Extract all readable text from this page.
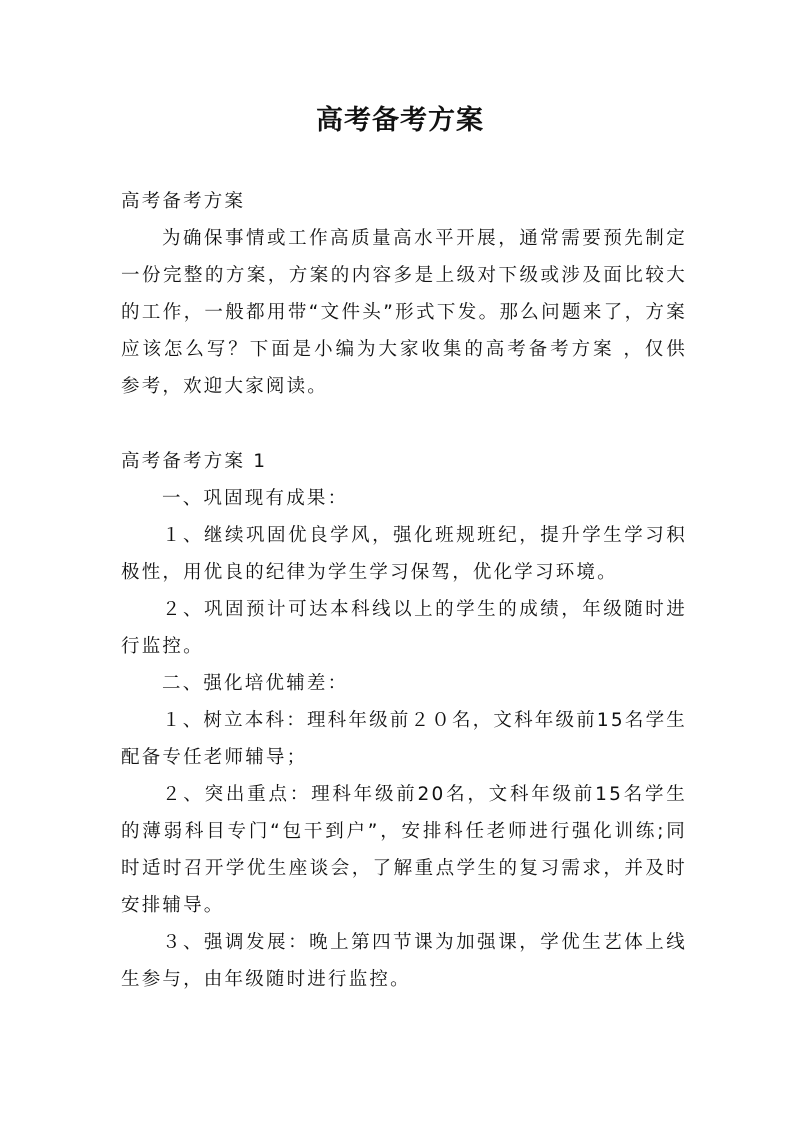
高考备考方案

高考备考方案

为确保事情或工作高质量高水平开展，通常需要预先制定一份完整的方案，方案的内容多是上级对下级或涉及面比较大的工作，一般都用带“文件头”形式下发。那么问题来了，方案应该怎么写？下面是小编为大家收集的高考备考方案 ，仅供参考，欢迎大家阅读。

高考备考方案 1

一、巩固现有成果：

１、继续巩固优良学风，强化班规班纪，提升学生学习积极性，用优良的纪律为学生学习保驾，优化学习环境。

２、巩固预计可达本科线以上的学生的成绩，年级随时进行监控。

二、强化培优辅差：

１、树立本科：理科年级前２０名，文科年级前15名学生配备专任老师辅导；

２、突出重点：理科年级前20名，文科年级前15名学生的薄弱科目专门“包干到户”，安排科任老师进行强化训练;同时适时召开学优生座谈会，了解重点学生的复习需求，并及时安排辅导。

３、强调发展：晚上第四节课为加强课，学优生艺体上线生参与，由年级随时进行监控。
